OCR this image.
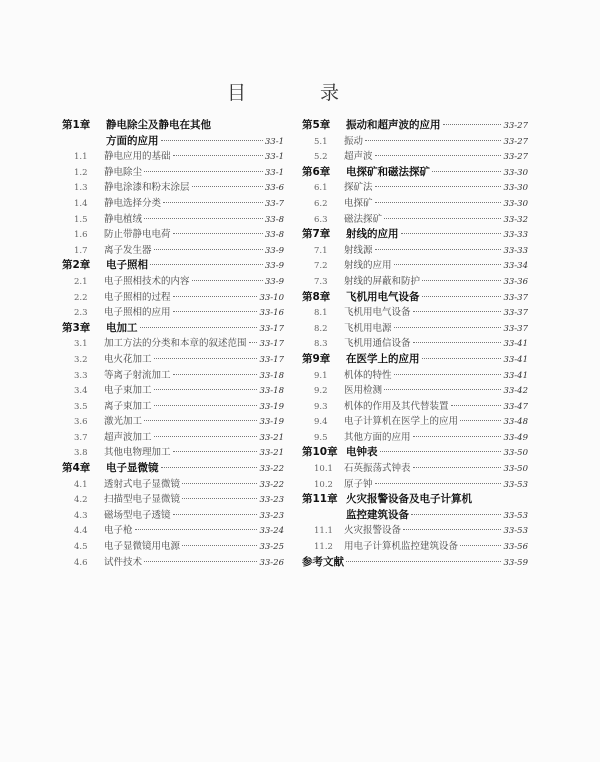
目 录
第1章	静电除尘及静电在其他
方面的应用	33-1
1.1	静电应用的基础	33-1
1.2	静电除尘	33-1
1.3	静电涂漆和粉末涂层	33-6
1.4	静电选择分类	33-7
1.5	静电植绒	33-8
1.6	防止带静电电荷	33-8
1.7	离子发生器	33-9
第2章	电子照相	33-9
2.1	电子照相技术的内容	33-9
2.2	电子照相的过程	33-10
2.3	电子照相的应用	33-16
第3章	电加工	33-17
3.1	加工方法的分类和本章的叙述范围 33-17
3.2	电火花加工	33-17
3.3	等离子射流加工	33-18
3.4	电子束加工	33-18
3.5	离子束加工	33-19
3.6	激光加工	33-19
3.7	超声波加工	33-21
3.8	其他电物理加工	33-21
第4章	电子显微镜	33-22
4.1	透射式电子显微镜	33-22
4.2	扫描型电子显微镜	33-23
4.3	磁场型电子透镜	33-23
4.4	电子枪	33-24
4.5	电子显微镜用电源	33-25
4.6	试件技术	33-26
第5章	振动和超声波的应用	33-27
5.1	振动	33-27
5.2	超声波	33-27
第6章	电探矿和磁法探矿	33-30
6.1	探矿法	33-30
6.2	电探矿	33-30
6.3	磁法探矿	33-32
第7章	射线的应用	33-33
7.1	射线源	33-33
7.2	射线的应用	33-34
7.3	射线的屏蔽和防护	33-36
第8章	飞机用电气设备	33-37
8.1	飞机用电气设备	33-37
8.2	飞机用电源	33-37
8.3	飞机用通信设备	33-41
第9章	在医学上的应用	33-41
9.1	机体的特性	33-41
9.2	医用检测	33-42
9.3	机体的作用及其代替装置	33-47
9.4	电子计算机在医学上的应用	33-48
9.5	其他方面的应用	33-49
第10章 电钟表	33-50
10.1	石英振荡式钟表	33-50
10.2	原子钟	33-53
第11章 火灾报警设备及电子计算机
监控建筑设备	33-53
11.1	火灾报警设备	33-53
11.2	用电子计算机监控建筑设备	33-56
参考文献	33-59
